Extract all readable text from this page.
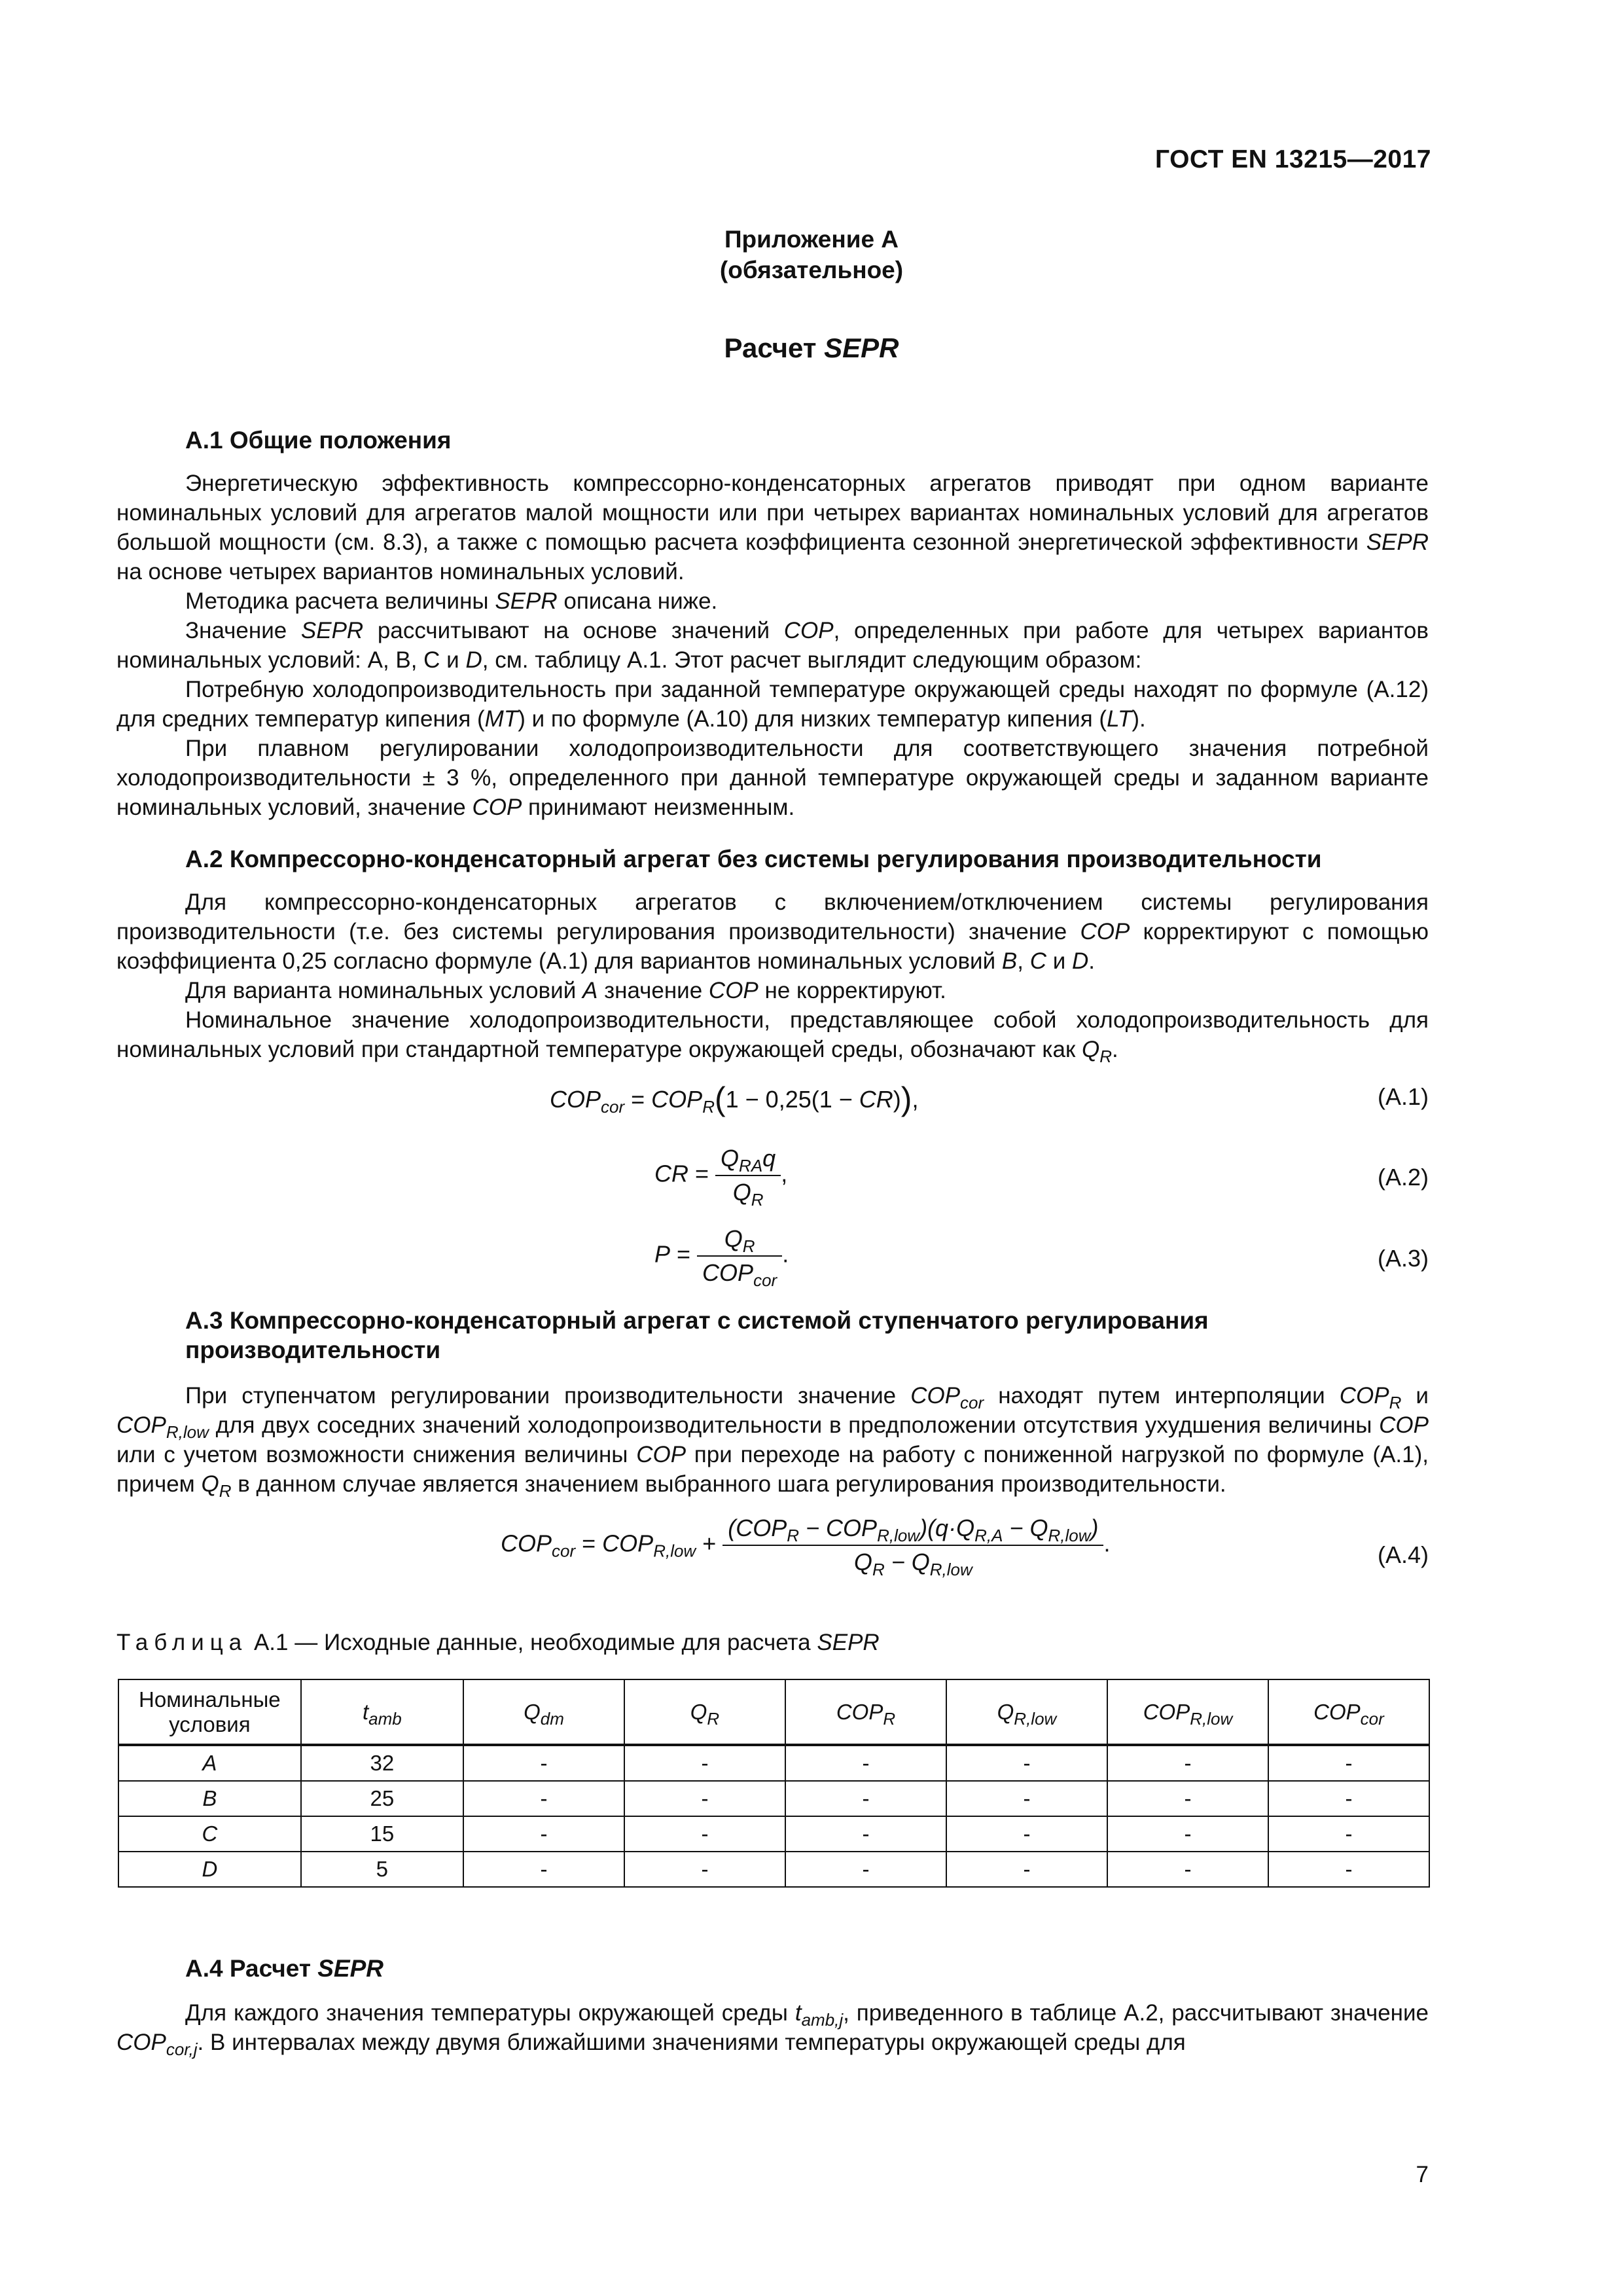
ГОСТ EN 13215—2017
Приложение А
(обязательное)
Расчет SEPR
А.1 Общие положения

Энергетическую эффективность компрессорно-конденсаторных агрегатов приводят при одном варианте номинальных условий для агрегатов малой мощности или при четырех вариантах номинальных условий для агрегатов большой мощности (см. 8.3), а также с помощью расчета коэффициента сезонной энергетической эффективности SEPR на основе четырех вариантов номинальных условий.

Методика расчета величины SEPR описана ниже.

Значение SEPR рассчитывают на основе значений COP, определенных при работе для четырех вариантов номинальных условий: А, В, С и D, см. таблицу А.1. Этот расчет выглядит следующим образом:

Потребную холодопроизводительность при заданной температуре окружающей среды находят по формуле (А.12) для средних температур кипения (MT) и по формуле (А.10) для низких температур кипения (LT).

При плавном регулировании холодопроизводительности для соответствующего значения потребной холодопроизводительности ± 3 %, определенного при данной температуре окружающей среды и заданном варианте номинальных условий, значение COP принимают неизменным.

А.2 Компрессорно-конденсаторный агрегат без системы регулирования производительности

Для компрессорно-конденсаторных агрегатов с включением/отключением системы регулирования производительности (т.е. без системы регулирования производительности) значение COP корректируют с помощью коэффициента 0,25 согласно формуле (А.1) для вариантов номинальных условий B, C и D.

Для варианта номинальных условий A значение COP не корректируют.

Номинальное значение холодопроизводительности, представляющее собой холодопроизводительность для номинальных условий при стандартной температуре окружающей среды, обозначают как $Q_R$.

$COP_{cor} = COP_R(1 - 0,25(1 - CR))$,	(А.1)
CR = $\frac{Q_{RA}q}{Q_R}$ ,	(А.2)
$P = \frac{Q_R}{COP_{cor}}$ .	(А.3)
А.3 Компрессорно-конденсаторный агрегат с системой ступенчатого регулирования
производительности

При ступенчатом регулировании производительности значение $COP_{cor}$ находят путем интерполяции $COP_R$ и $COP_{R,low}$ для двух соседних значений холодопроизводительности в предположении отсутствия ухудшения величины COP или с учетом возможности снижения величины COP при переходе на работу с пониженной нагрузкой по формуле (А.1), причем $Q_R$ в данном случае является значением выбранного шага регулирования производительности.

$COP_{cor} = COP_{R,low} + \frac{(COP_R - COP_{R,low})(q\cdot Q_{R,A} - Q_{R,low})}{Q_R - Q_{R,low}}$ .	(А.4)
Таблица А.1 — Исходные данные, необходимые для расчета SEPR
Номинальные условия	$t_{amb}$	$Q_{dm}$	$Q_R$	$COP_R$	$Q_{R,low}$	$COP_{R,low}$	$COP_{cor}$
A	32	-	-	-	-	-	-
B	25	-	-	-	-	-	-
C	15	-	-	-	-	-	-
D	5	-	-	-	-	-	-
А.4 Расчет SEPR

Для каждого значения температуры окружающей среды $t_{amb,j}$, приведенного в таблице А.2, рассчитывают значение $COP_{cor,j}$. В интервалах между двумя ближайшими значениями температуры окружающей среды для

7
